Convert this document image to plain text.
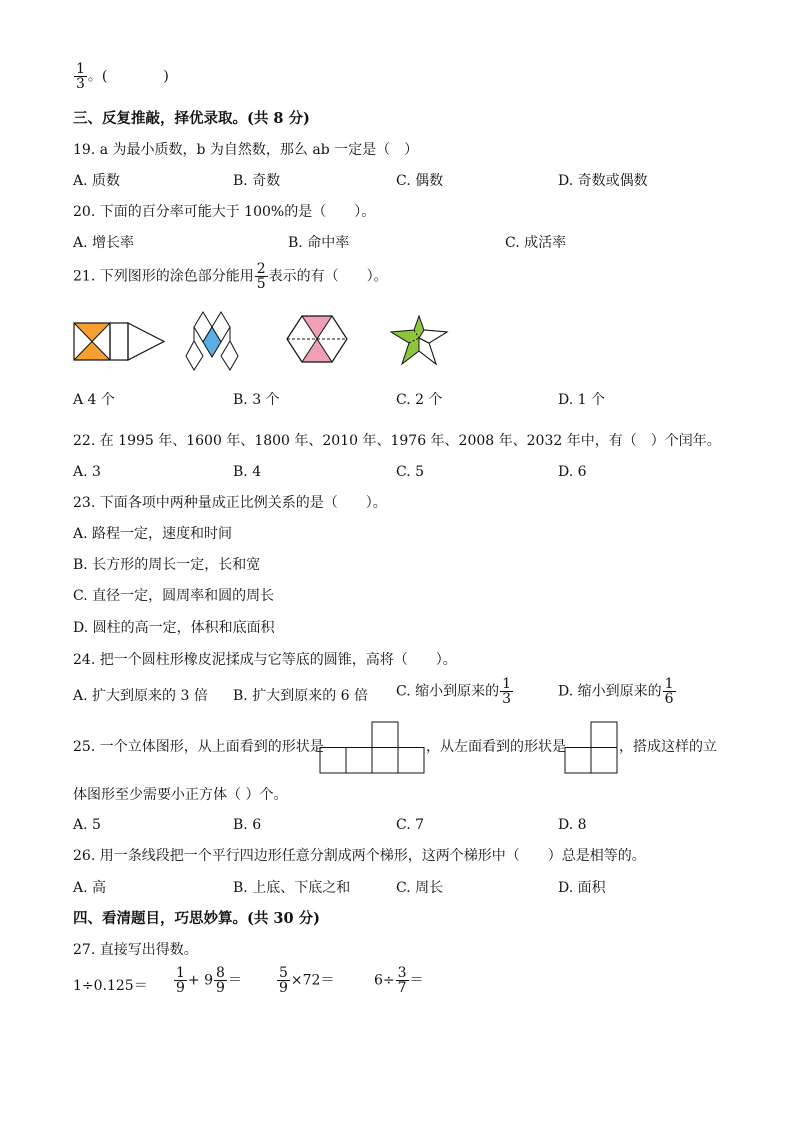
$\frac{1}{3}$ 。(　　　　)
三、反复推敲，择优录取。(共 8 分)
19. a 为最小质数，b 为自然数，那么 ab 一定是（　）
A. 质数	B. 奇数	C. 偶数	D. 奇数或偶数
20. 下面的百分率可能大于 100%的是（　　）。
A. 增长率	B. 命中率	C. 成活率
21. 下列图形的涂色部分能用 $\frac{2}{5}$ 表示的有（　　）。
A 4 个	B. 3 个	C. 2 个	D. 1 个
22. 在 1995 年、1600 年、1800 年、2010 年、1976 年、2008 年、2032 年中，有（　）个闰年。
A. 3	B. 4	C. 5	D. 6
23. 下面各项中两种量成正比例关系的是（　　）。
A. 路程一定，速度和时间
B. 长方形的周长一定，长和宽
C. 直径一定，圆周率和圆的周长
D. 圆柱的高一定，体积和底面积
24. 把一个圆柱形橡皮泥揉成与它等底的圆锥，高将（　　）。
A. 扩大到原来的 3 倍 B. 扩大到原来的 6 倍 C. 缩小到原来的 $\frac{1}{3}$	D. 缩小到原来的 $\frac{1}{6}$
25. 一个立体图形，从上面看到的形状是	，从左面看到的形状是	，搭成这样的立
体图形至少需要小正方体（ ）个。
A. 5	B. 6	C. 7	D. 8
26. 用一条线段把一个平行四边形任意分割成两个梯形，这两个梯形中（　　）总是相等的。
A. 高	B. 上底、下底之和	C. 周长	D. 面积
四、看清题目，巧思妙算。(共 30 分)
27. 直接写出得数。
$1\div 0.125= \frac{1}{9} + 9 \frac{8}{9}$ ＝	$\frac{5}{9} \times 72=$	$6\div \frac{3}{7}$ ＝
